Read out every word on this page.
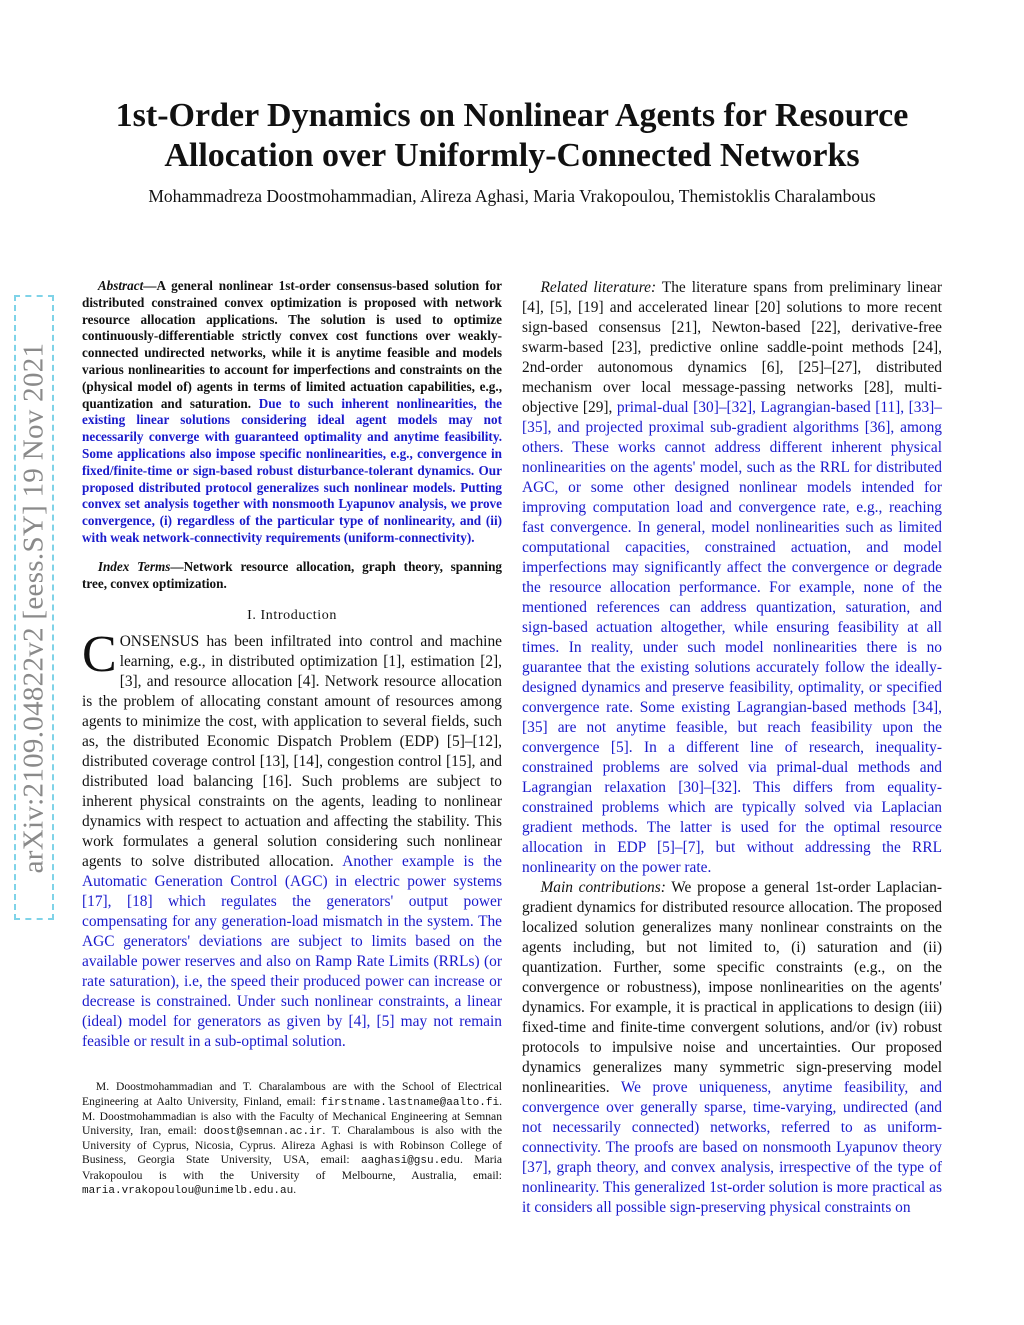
arXiv:2109.04822v2 [eess.SY] 19 Nov 2021
1st-Order Dynamics on Nonlinear Agents for Resource
Allocation over Uniformly-Connected Networks

Mohammadreza Doostmohammadian, Alireza Aghasi, Maria Vrakopoulou, Themistoklis Charalambous

Abstract—A general nonlinear 1st-order consensus-based solution for distributed constrained convex optimization is proposed with network resource allocation applications. The solution is used to optimize continuously-differentiable strictly convex cost functions over weakly-connected undirected networks, while it is anytime feasible and models various nonlinearities to account for imperfections and constraints on the (physical model of) agents in terms of limited actuation capabilities, e.g., quantization and saturation. Due to such inherent nonlinearities, the existing linear solutions considering ideal agent models may not necessarily converge with guaranteed optimality and anytime feasibility. Some applications also impose specific nonlinearities, e.g., convergence in fixed/finite-time or sign-based robust disturbance-tolerant dynamics. Our proposed distributed protocol generalizes such nonlinear models. Putting convex set analysis together with nonsmooth Lyapunov analysis, we prove convergence, (i) regardless of the particular type of nonlinearity, and (ii) with weak network-connectivity requirements (uniform-connectivity).

Index Terms—Network resource allocation, graph theory, spanning tree, convex optimization.

I. Introduction

CONSENSUS has been infiltrated into control and machine learning, e.g., in distributed optimization [1], estimation [2], [3], and resource allocation [4]. Network resource allocation is the problem of allocating constant amount of resources among agents to minimize the cost, with application to several fields, such as, the distributed Economic Dispatch Problem (EDP) [5]–[12], distributed coverage control [13], [14], congestion control [15], and distributed load balancing [16]. Such problems are subject to inherent physical constraints on the agents, leading to nonlinear dynamics with respect to actuation and affecting the stability. This work formulates a general solution considering such nonlinear agents to solve distributed allocation. Another example is the Automatic Generation Control (AGC) in electric power systems [17], [18] which regulates the generators' output power compensating for any generation-load mismatch in the system. The AGC generators' deviations are subject to limits based on the available power reserves and also on Ramp Rate Limits (RRLs) (or rate saturation), i.e, the speed their produced power can increase or decrease is constrained. Under such nonlinear constraints, a linear (ideal) model for generators as given by [4], [5] may not remain feasible or result in a sub-optimal solution.

M. Doostmohammadian and T. Charalambous are with the School of Electrical Engineering at Aalto University, Finland, email: firstname.lastname@aalto.fi. M. Doostmohammadian is also with the Faculty of Mechanical Engineering at Semnan University, Iran, email: doost@semnan.ac.ir. T. Charalambous is also with the University of Cyprus, Nicosia, Cyprus. Alireza Aghasi is with Robinson College of Business, Georgia State University, USA, email: aaghasi@gsu.edu. Maria Vrakopoulou is with the University of Melbourne, Australia, email: maria.vrakopoulou@unimelb.edu.au.

Related literature: The literature spans from preliminary linear [4], [5], [19] and accelerated linear [20] solutions to more recent sign-based consensus [21], Newton-based [22], derivative-free swarm-based [23], predictive online saddle-point methods [24], 2nd-order autonomous dynamics [6], [25]–[27], distributed mechanism over local message-passing networks [28], multi-objective [29], primal-dual [30]–[32], Lagrangian-based [11], [33]–[35], and projected proximal sub-gradient algorithms [36], among others. These works cannot address different inherent physical nonlinearities on the agents' model, such as the RRL for distributed AGC, or some other designed nonlinear models intended for improving computation load and convergence rate, e.g., reaching fast convergence. In general, model nonlinearities such as limited computational capacities, constrained actuation, and model imperfections may significantly affect the convergence or degrade the resource allocation performance. For example, none of the mentioned references can address quantization, saturation, and sign-based actuation altogether, while ensuring feasibility at all times. In reality, under such model nonlinearities there is no guarantee that the existing solutions accurately follow the ideally-designed dynamics and preserve feasibility, optimality, or specified convergence rate. Some existing Lagrangian-based methods [34], [35] are not anytime feasible, but reach feasibility upon the convergence [5]. In a different line of research, inequality-constrained problems are solved via primal-dual methods and Lagrangian relaxation [30]–[32]. This differs from equality-constrained problems which are typically solved via Laplacian gradient methods. The latter is used for the optimal resource allocation in EDP [5]–[7], but without addressing the RRL nonlinearity on the power rate.

Main contributions: We propose a general 1st-order Laplacian-gradient dynamics for distributed resource allocation. The proposed localized solution generalizes many nonlinear constraints on the agents including, but not limited to, (i) saturation and (ii) quantization. Further, some specific constraints (e.g., on the convergence or robustness), impose nonlinearities on the agents' dynamics. For example, it is practical in applications to design (iii) fixed-time and finite-time convergent solutions, and/or (iv) robust protocols to impulsive noise and uncertainties. Our proposed dynamics generalizes many symmetric sign-preserving model nonlinearities. We prove uniqueness, anytime feasibility, and convergence over generally sparse, time-varying, undirected (and not necessarily connected) networks, referred to as uniform-connectivity. The proofs are based on nonsmooth Lyapunov theory [37], graph theory, and convex analysis, irrespective of the type of nonlinearity. This generalized 1st-order solution is more practical as it considers all possible sign-preserving physical constraints on
